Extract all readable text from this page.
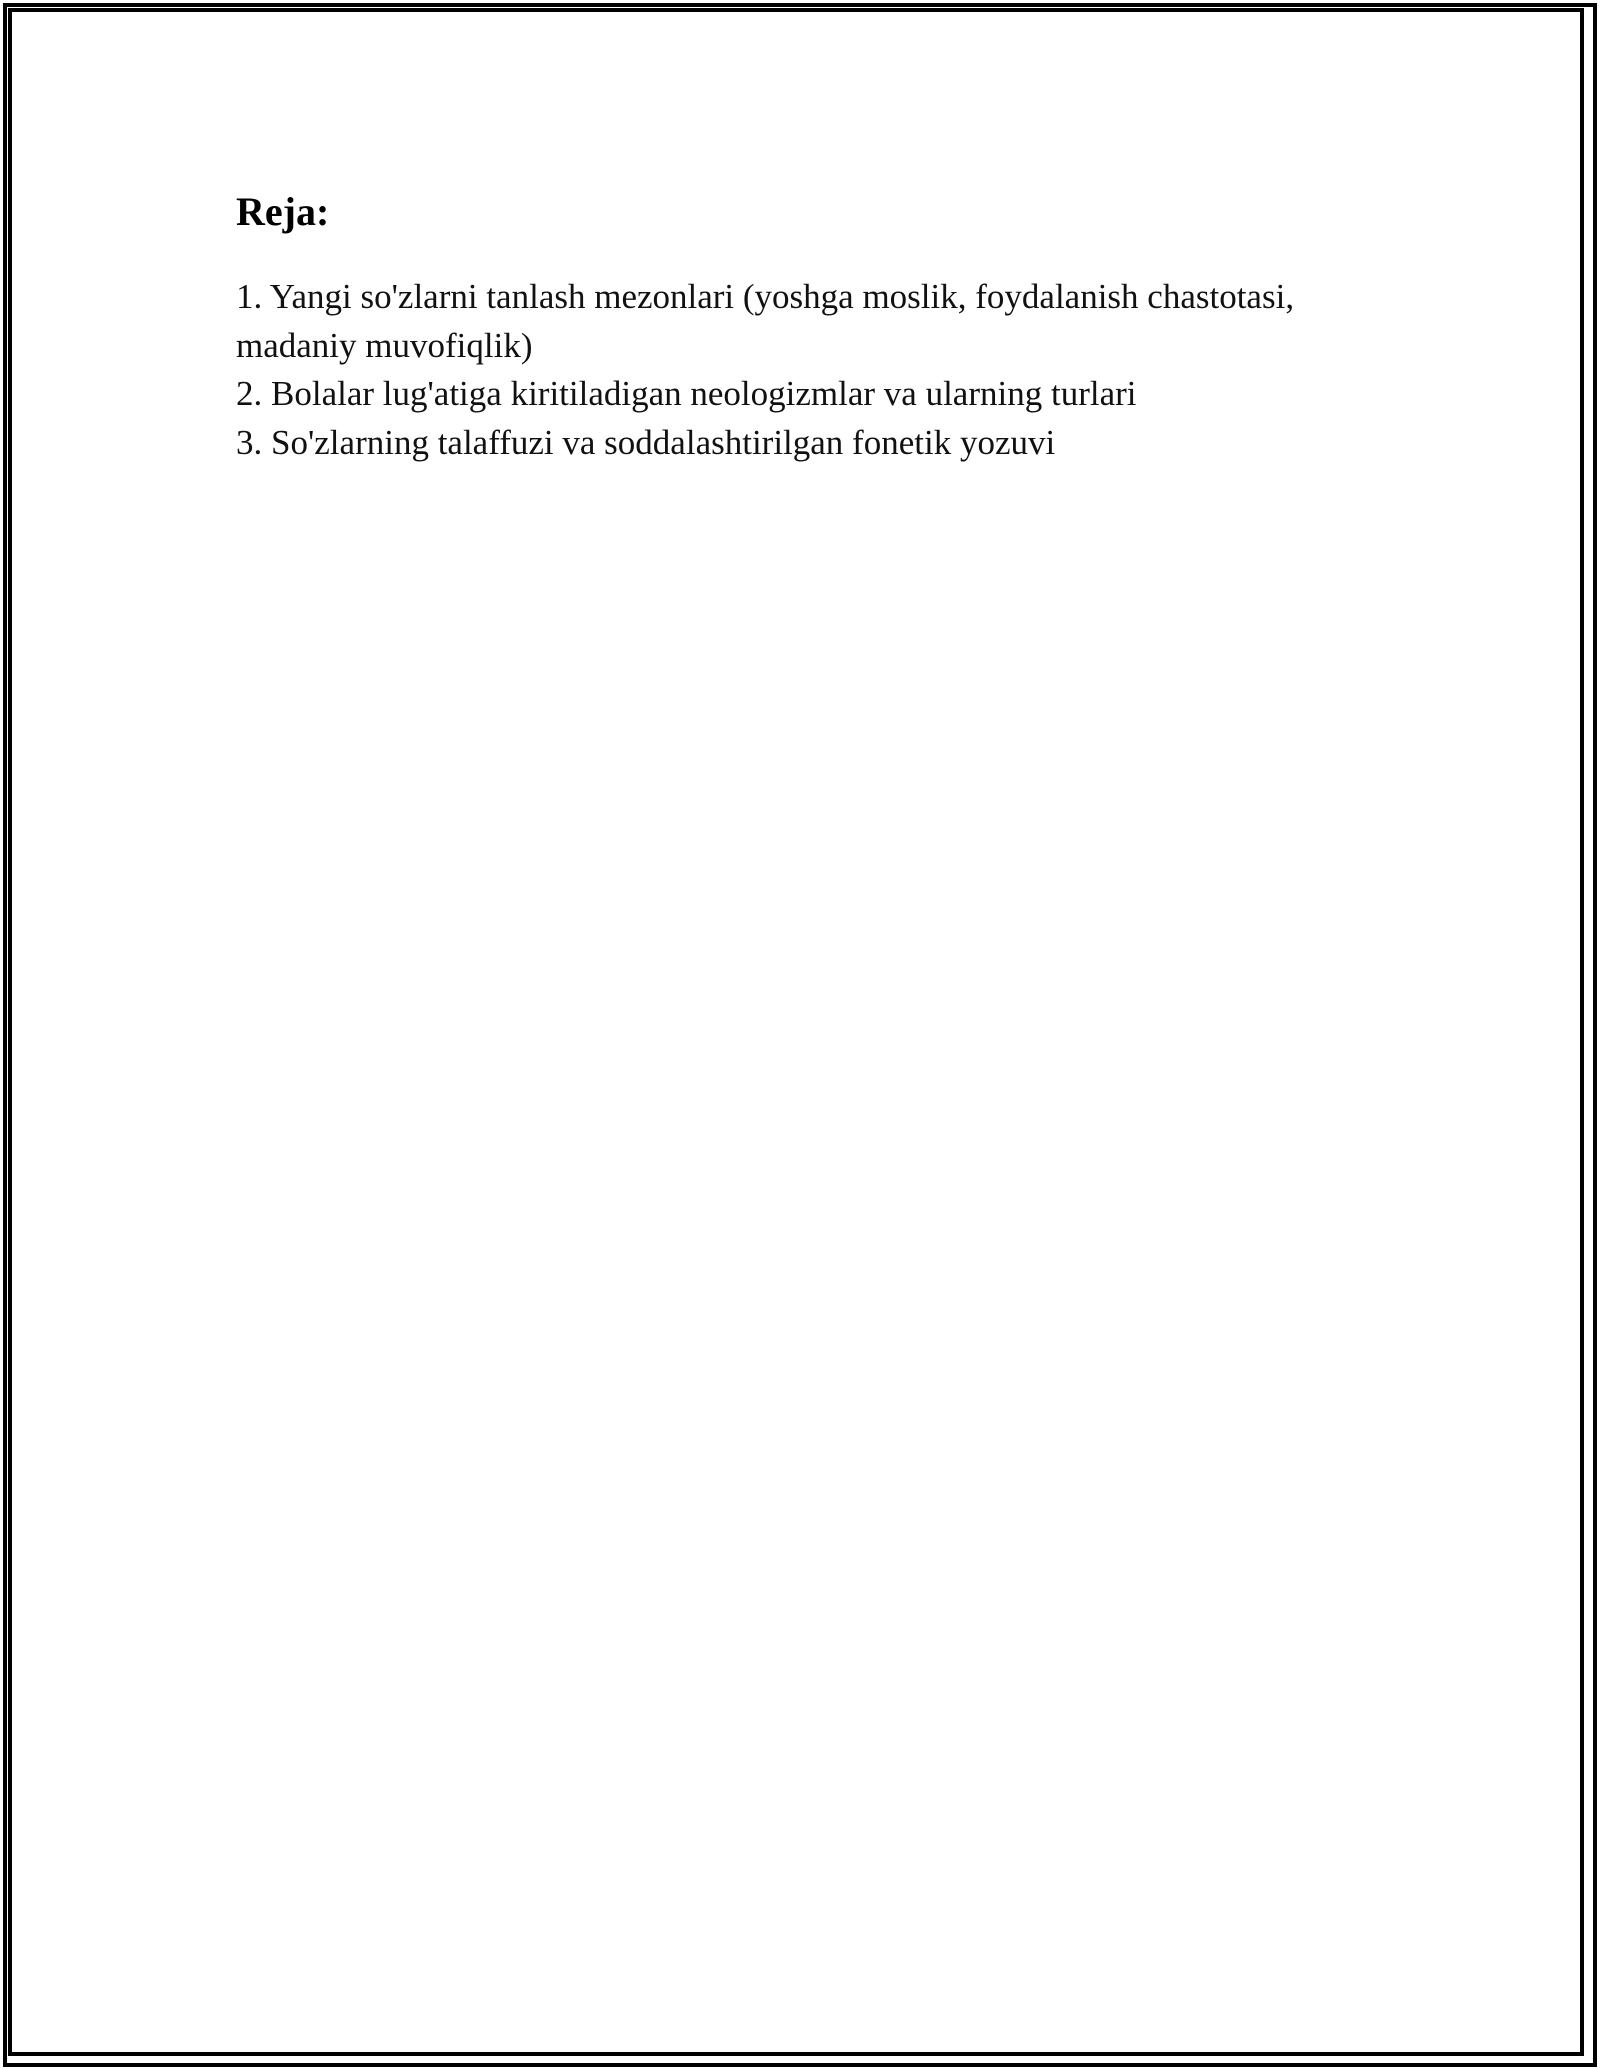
Reja:
1. Yangi so'zlarni tanlash mezonlari (yoshga moslik, foydalanish chastotasi, madaniy muvofiqlik)
2. Bolalar lug'atiga kiritiladigan neologizmlar va ularning turlari
3. So'zlarning talaffuzi va soddalashtirilgan fonetik yozuvi
